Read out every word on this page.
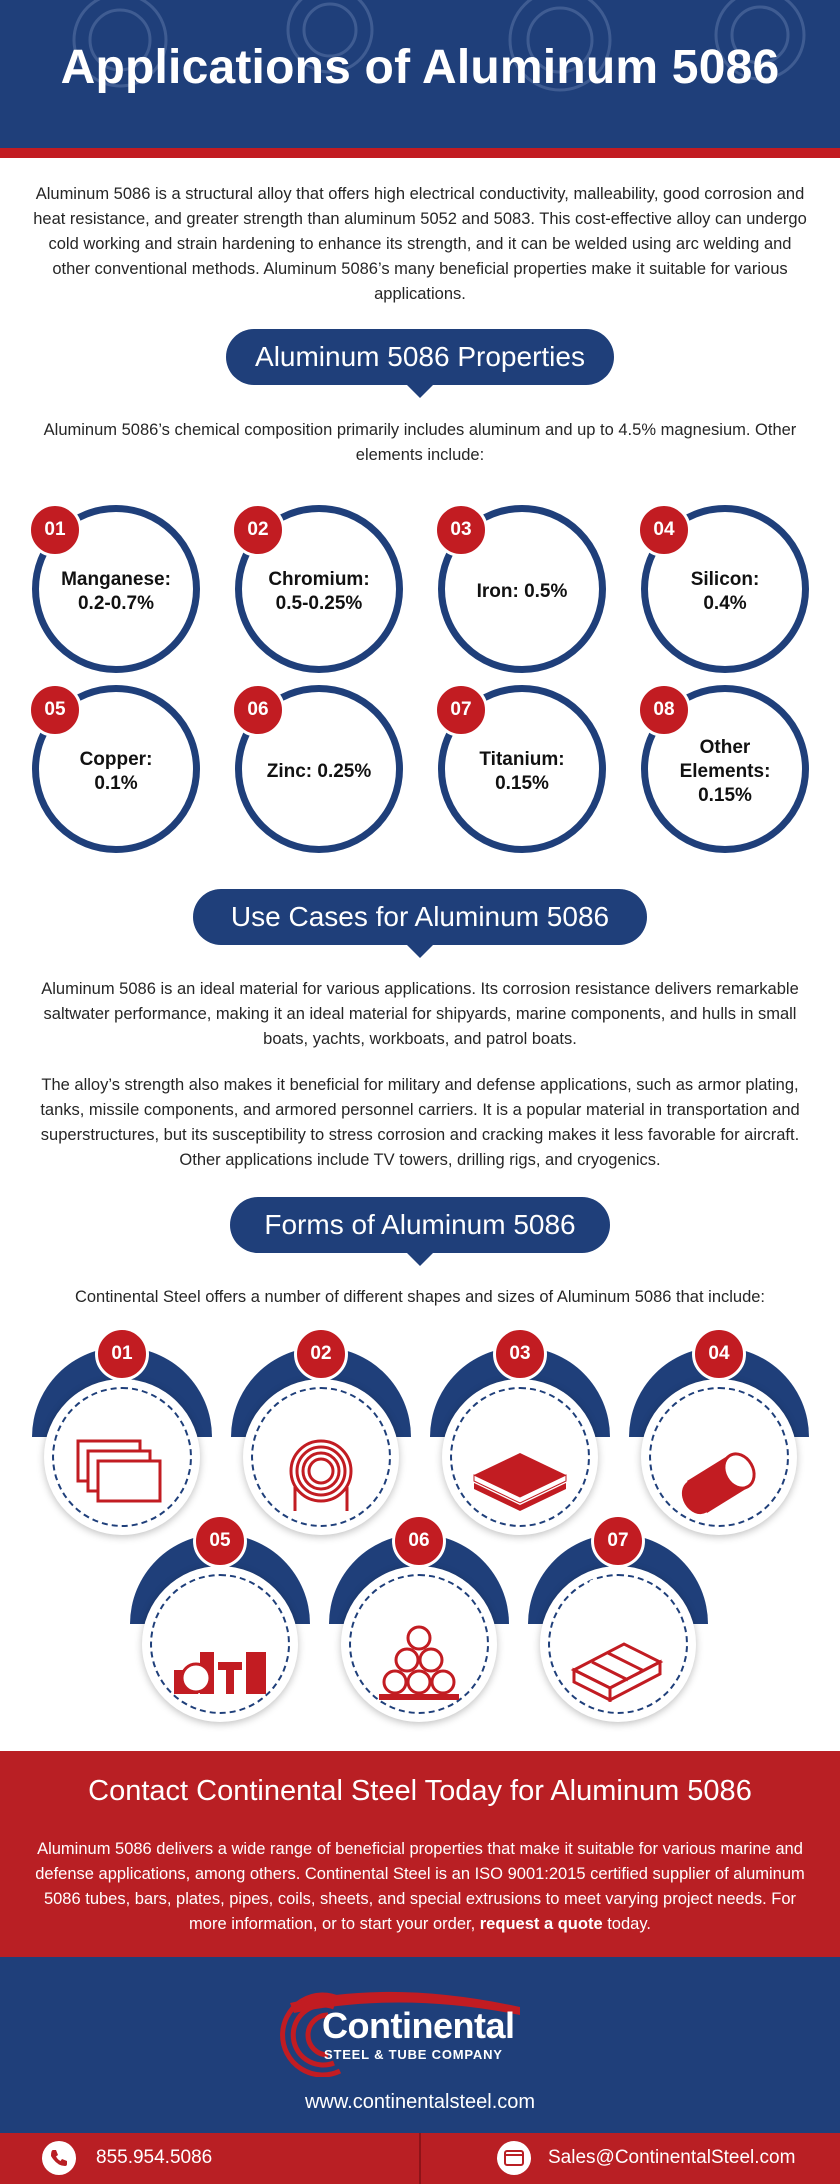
Applications of Aluminum 5086

Aluminum 5086 is a structural alloy that offers high electrical conductivity, malleability, good corrosion and heat resistance, and greater strength than aluminum 5052 and 5083. This cost-effective alloy can undergo cold working and strain hardening to enhance its strength, and it can be welded using arc welding and other conventional methods. Aluminum 5086’s many beneficial properties make it suitable for various applications.

Aluminum 5086 Properties

Aluminum 5086’s chemical composition primarily includes aluminum and up to 4.5% magnesium. Other elements include:

Manganese:
0.2-0.7%
01
Chromium:
0.5-0.25%
02
Iron: 0.5%
03
Silicon:
0.4%
04
Copper:
0.1%
05
Zinc: 0.25%
06
Titanium:
0.15%
07
Other
Elements:
0.15%
08
Use Cases for Aluminum 5086

Aluminum 5086 is an ideal material for various applications. Its corrosion resistance delivers remarkable saltwater performance, making it an ideal material for shipyards, marine components, and hulls in small boats, yachts, workboats, and patrol boats.

The alloy’s strength also makes it beneficial for military and defense applications, such as armor plating, tanks, missile components, and armored personnel carriers. It is a popular material in transportation and superstructures, but its susceptibility to stress corrosion and cracking makes it less favorable for aircraft. Other applications include TV towers, drilling rigs, and cryogenics.

Forms of Aluminum 5086

Continental Steel offers a number of different shapes and sizes of Aluminum 5086 that include:

Sheet
01
Coil
02
Plate
03
Pipe
04
Bar
05
Tube
06
Special
Extrusions
07
Contact Continental Steel Today for Aluminum 5086

Aluminum 5086 delivers a wide range of beneficial properties that make it suitable for various marine and defense applications, among others. Continental Steel is an ISO 9001:2015 certified supplier of aluminum 5086 tubes, bars, plates, pipes, coils, sheets, and special extrusions to meet varying project needs. For more information, or to start your order, request a quote today.

Continental
STEEL & TUBE COMPANY
www.continentalsteel.com
855.954.5086	Sales@ContinentalSteel.com
